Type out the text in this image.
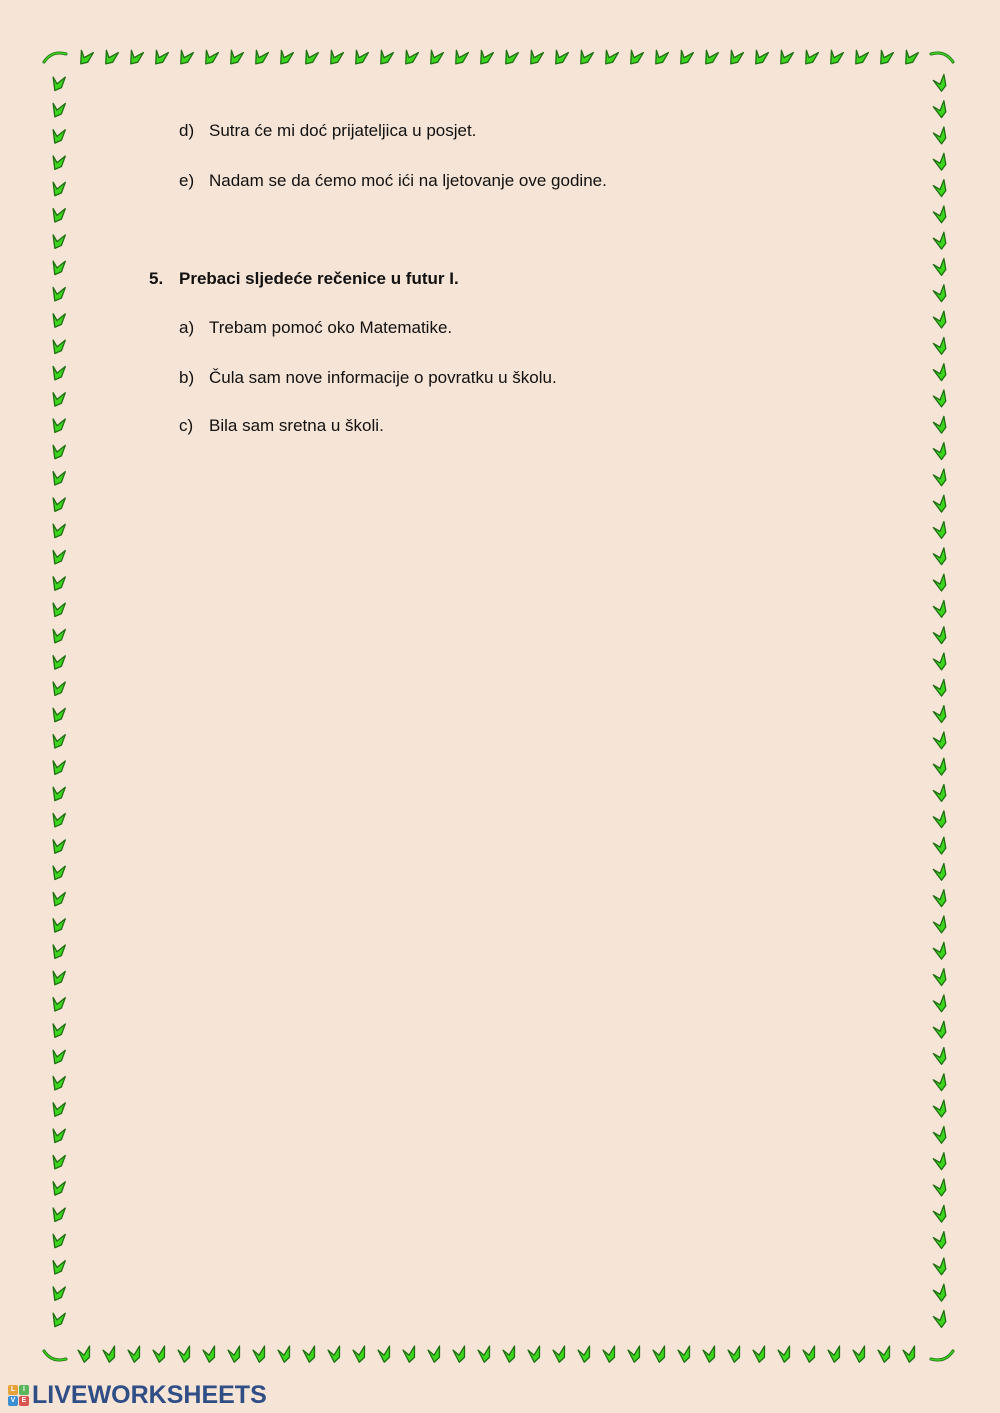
d) Sutra će mi doć prijateljica u posjet.
e) Nadam se da ćemo moć ići na ljetovanje ove godine.
5. Prebaci sljedeće rečenice u futur I.
a) Trebam pomoć oko Matematike.
b) Čula sam nove informacije o povratku u školu.
c) Bila sam sretna u školi.
L	I
V E LIVEWORKSHEETS
